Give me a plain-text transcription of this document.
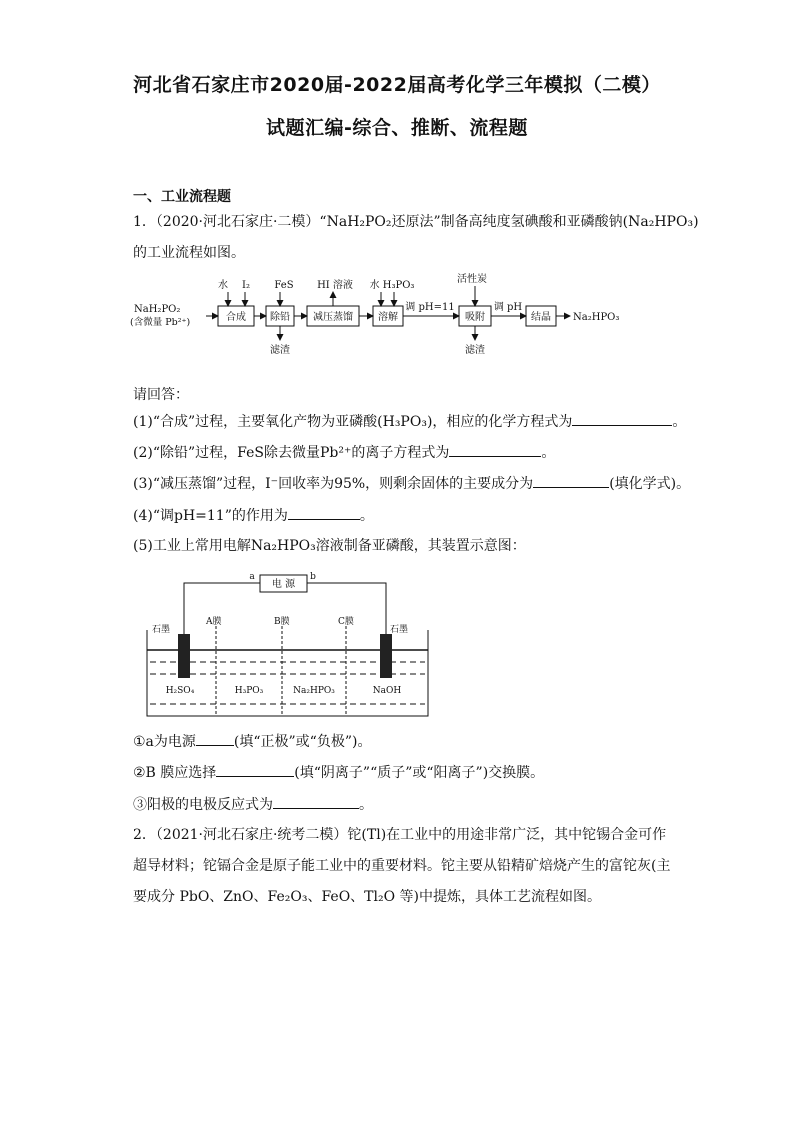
河北省石家庄市2020届-2022届高考化学三年模拟（二模）
试题汇编-综合、推断、流程题
一、工业流程题
1．（2020·河北石家庄·二模）“NaH₂PO₂还原法”制备高纯度氢碘酸和亚磷酸钠(Na₂HPO₃)
的工业流程如图。
NaH₂PO₂
(含微量 Pb²⁺)	合成 除铅 减压蒸馏	溶解	吸附	结晶
水 I₂ FeS HI 溶液 水 H₃PO₃
活性炭
调 pH=11	调 pH
滤渣	滤渣
Na₂HPO₃
请回答：
(1)“合成”过程，主要氧化产物为亚磷酸(H₃PO₃)，相应的化学方程式为	。
(2)“除铅”过程，FeS除去微量Pb²⁺的离子方程式为	。
(3)“减压蒸馏”过程，I⁻回收率为95%，则剩余固体的主要成分为	(填化学式)。
(4)“调pH=11”的作用为	。
(5)工业上常用电解Na₂HPO₃溶液制备亚磷酸，其装置示意图：
a	b
电 源
石墨	石墨
A膜	B膜	C膜
H₂SO₄	H₃PO₃	Na₂HPO₃	NaOH
①a为电源	(填“正极”或“负极”)。
②B 膜应选择	(填“阴离子”“质子”或“阳离子”)交换膜。
③阳极的电极反应式为	。
2．（2021·河北石家庄·统考二模）铊(Tl)在工业中的用途非常广泛，其中铊锡合金可作
超导材料；铊镉合金是原子能工业中的重要材料。铊主要从铅精矿焙烧产生的富铊灰(主
要成分 PbO、ZnO、Fe₂O₃、FeO、Tl₂O 等)中提炼，具体工艺流程如图。
